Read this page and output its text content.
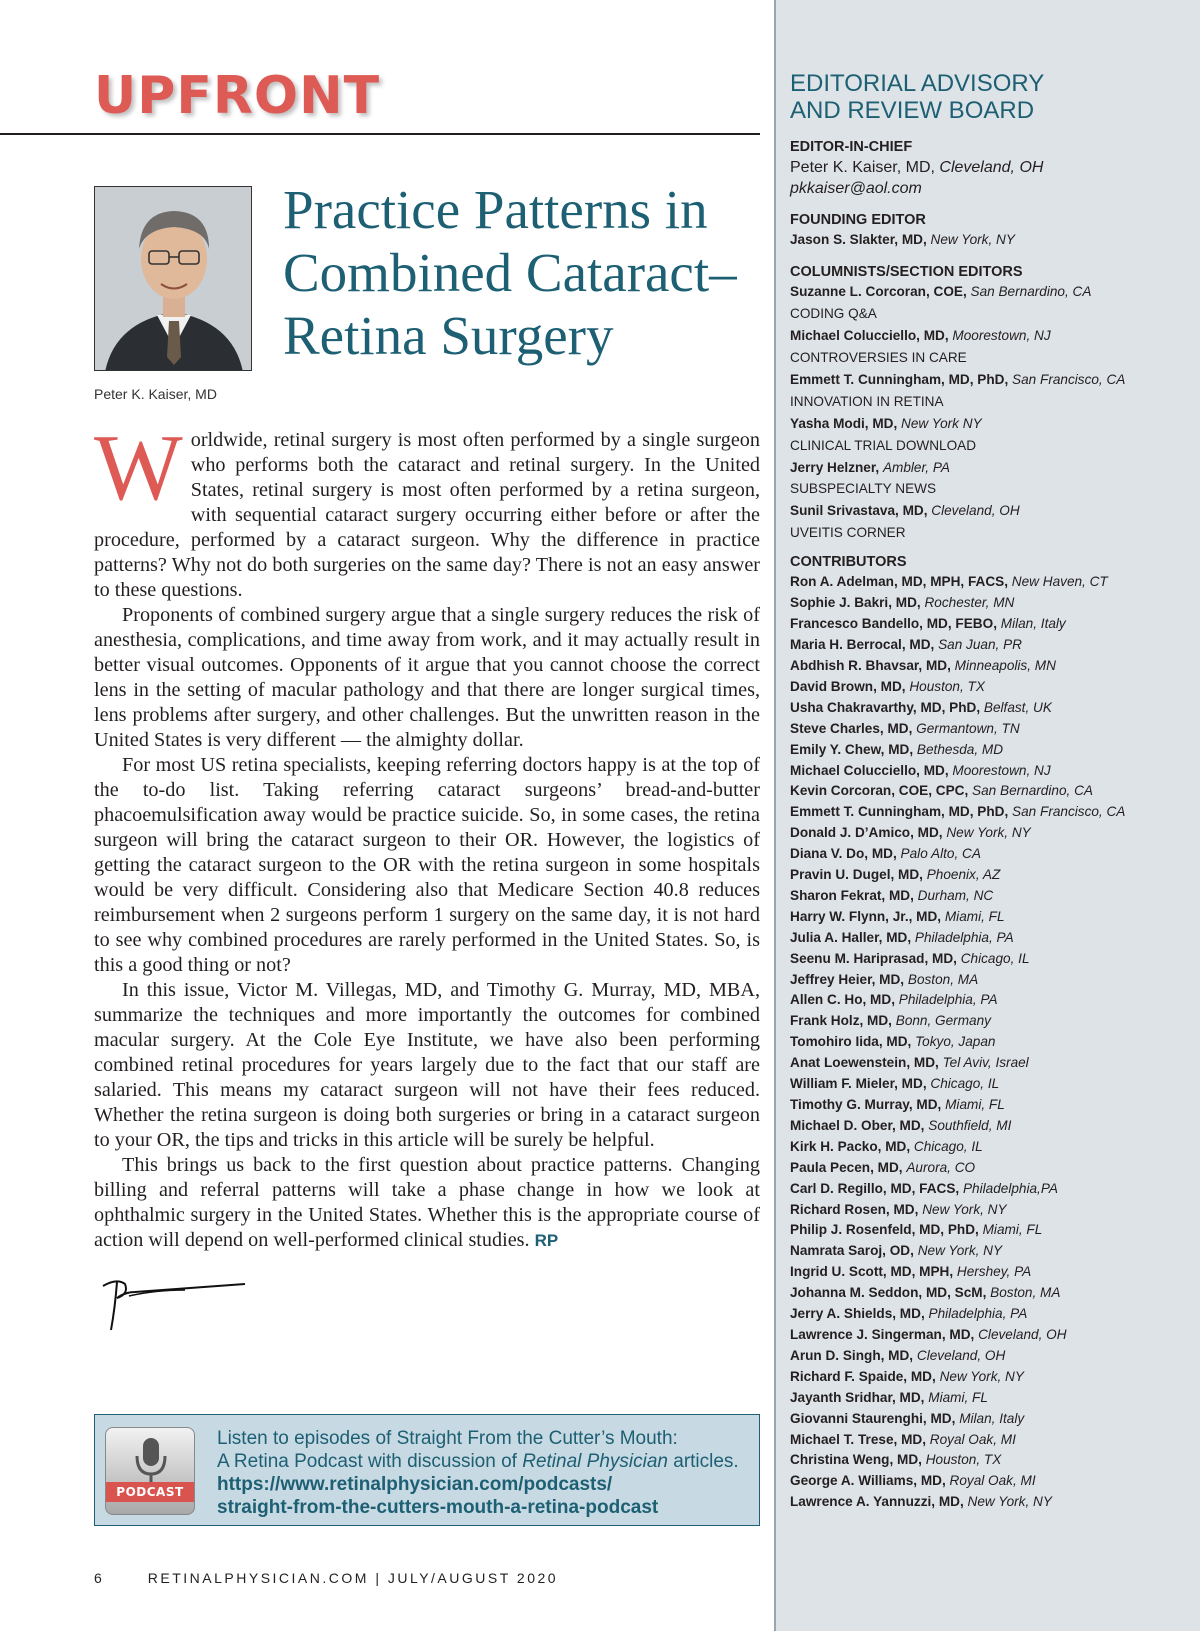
UPFRONT
Peter K. Kaiser, MD
Practice Patterns in Combined Cataract–Retina Surgery

Worldwide, retinal surgery is most often performed by a single surgeon who performs both the cataract and retinal surgery. In the United States, retinal surgery is most often performed by a retina surgeon, with sequential cataract surgery occurring either before or after the procedure, performed by a cataract surgeon. Why the difference in practice patterns? Why not do both surgeries on the same day? There is not an easy answer to these questions.

Proponents of combined surgery argue that a single surgery reduces the risk of anesthesia, complications, and time away from work, and it may actually result in better visual outcomes. Opponents of it argue that you cannot choose the correct lens in the setting of macular pathology and that there are longer surgical times, lens problems after surgery, and other challenges. But the unwritten reason in the United States is very different — the almighty dollar.

For most US retina specialists, keeping referring doctors happy is at the top of the to-do list. Taking referring cataract surgeons’ bread-and-butter phacoemulsification away would be practice suicide. So, in some cases, the retina surgeon will bring the cataract surgeon to their OR. However, the logistics of getting the cataract surgeon to the OR with the retina surgeon in some hospitals would be very difficult. Considering also that Medicare Section 40.8 reduces reimbursement when 2 surgeons perform 1 surgery on the same day, it is not hard to see why combined procedures are rarely performed in the United States. So, is this a good thing or not?

In this issue, Victor M. Villegas, MD, and Timothy G. Murray, MD, MBA, summarize the techniques and more importantly the outcomes for combined macular surgery. At the Cole Eye Institute, we have also been performing combined retinal procedures for years largely due to the fact that our staff are salaried. This means my cataract surgeon will not have their fees reduced. Whether the retina surgeon is doing both surgeries or bring in a cataract surgeon to your OR, the tips and tricks in this article will be surely be helpful.

This brings us back to the first question about practice patterns. Changing billing and referral patterns will take a phase change in how we look at ophthalmic surgery in the United States. Whether this is the appropriate course of action will depend on well-performed clinical studies. RP

PODCAST
Listen to episodes of Straight From the Cutter’s Mouth:
A Retina Podcast with discussion of Retinal Physician articles.
https://www.retinalphysician.com/podcasts/
straight-from-the-cutters-mouth-a-retina-podcast
6	RETINALPHYSICIAN.COM | JULY/AUGUST 2020
EDITORIAL ADVISORY
AND REVIEW BOARD
EDITOR-IN-CHIEF
Peter K. Kaiser, MD, Cleveland, OH
pkkaiser@aol.com
FOUNDING EDITOR
Jason S. Slakter, MD, New York, NY
COLUMNISTS/SECTION EDITORS
Suzanne L. Corcoran, COE, San Bernardino, CA
CODING Q&A
Michael Colucciello, MD, Moorestown, NJ
CONTROVERSIES IN CARE
Emmett T. Cunningham, MD, PhD, San Francisco, CA
INNOVATION IN RETINA
Yasha Modi, MD, New York NY
CLINICAL TRIAL DOWNLOAD
Jerry Helzner, Ambler, PA
SUBSPECIALTY NEWS
Sunil Srivastava, MD, Cleveland, OH
UVEITIS CORNER
CONTRIBUTORS
Ron A. Adelman, MD, MPH, FACS, New Haven, CT
Sophie J. Bakri, MD, Rochester, MN
Francesco Bandello, MD, FEBO, Milan, Italy
Maria H. Berrocal, MD, San Juan, PR
Abdhish R. Bhavsar, MD, Minneapolis, MN
David Brown, MD, Houston, TX
Usha Chakravarthy, MD, PhD, Belfast, UK
Steve Charles, MD, Germantown, TN
Emily Y. Chew, MD, Bethesda, MD
Michael Colucciello, MD, Moorestown, NJ
Kevin Corcoran, COE, CPC, San Bernardino, CA
Emmett T. Cunningham, MD, PhD, San Francisco, CA
Donald J. D’Amico, MD, New York, NY
Diana V. Do, MD, Palo Alto, CA
Pravin U. Dugel, MD, Phoenix, AZ
Sharon Fekrat, MD, Durham, NC
Harry W. Flynn, Jr., MD, Miami, FL
Julia A. Haller, MD, Philadelphia, PA
Seenu M. Hariprasad, MD, Chicago, IL
Jeffrey Heier, MD, Boston, MA
Allen C. Ho, MD, Philadelphia, PA
Frank Holz, MD, Bonn, Germany
Tomohiro Iida, MD, Tokyo, Japan
Anat Loewenstein, MD, Tel Aviv, Israel
William F. Mieler, MD, Chicago, IL
Timothy G. Murray, MD, Miami, FL
Michael D. Ober, MD, Southfield, MI
Kirk H. Packo, MD, Chicago, IL
Paula Pecen, MD, Aurora, CO
Carl D. Regillo, MD, FACS, Philadelphia,PA
Richard Rosen, MD, New York, NY
Philip J. Rosenfeld, MD, PhD, Miami, FL
Namrata Saroj, OD, New York, NY
Ingrid U. Scott, MD, MPH, Hershey, PA
Johanna M. Seddon, MD, ScM, Boston, MA
Jerry A. Shields, MD, Philadelphia, PA
Lawrence J. Singerman, MD, Cleveland, OH
Arun D. Singh, MD, Cleveland, OH
Richard F. Spaide, MD, New York, NY
Jayanth Sridhar, MD, Miami, FL
Giovanni Staurenghi, MD, Milan, Italy
Michael T. Trese, MD, Royal Oak, MI
Christina Weng, MD, Houston, TX
George A. Williams, MD, Royal Oak, MI
Lawrence A. Yannuzzi, MD, New York, NY
